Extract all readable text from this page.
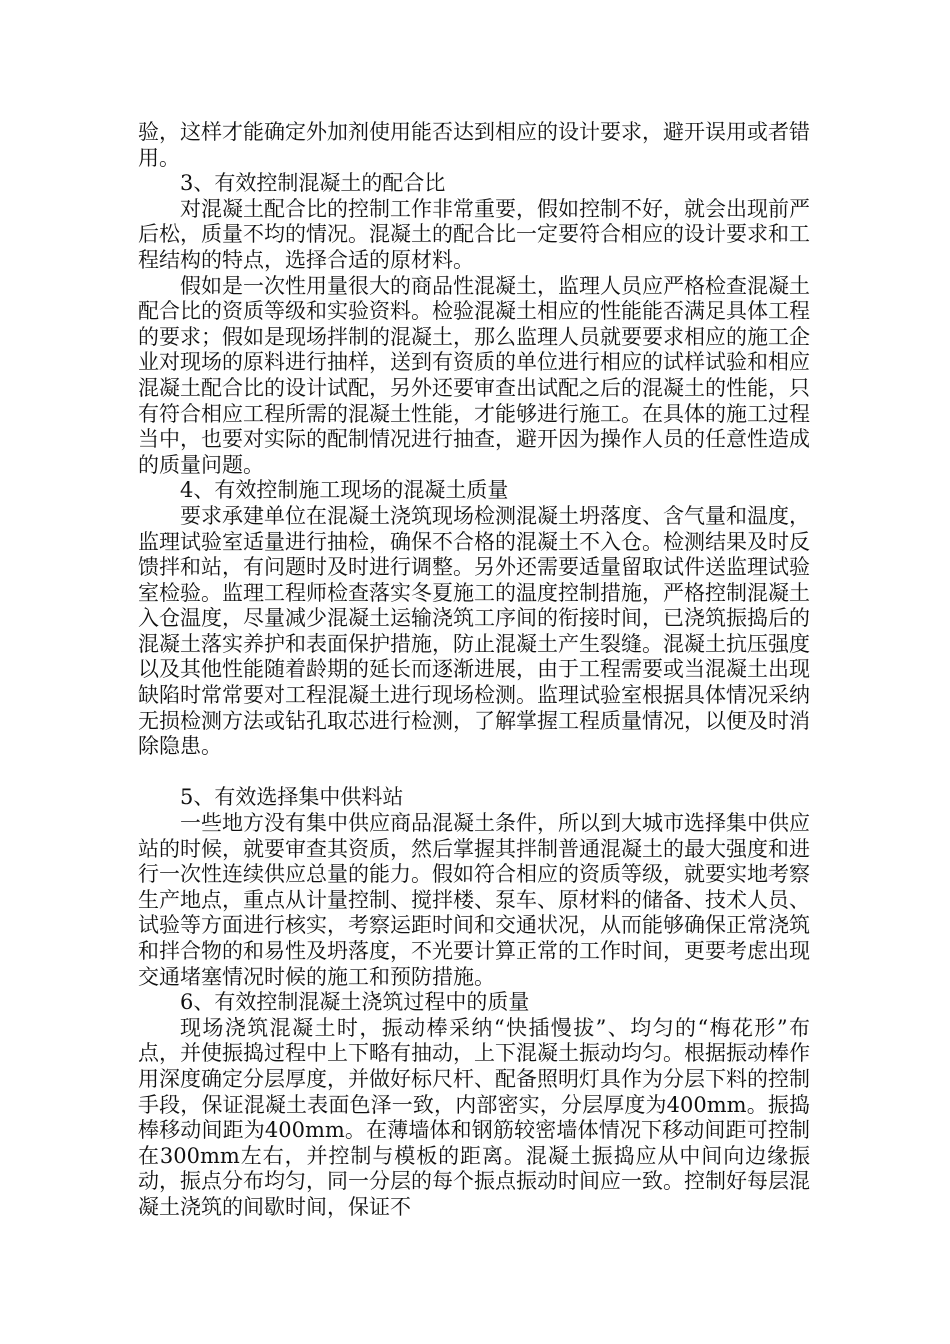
验，这样才能确定外加剂使用能否达到相应的设计要求，避开误用或者错用。

3、有效控制混凝土的配合比

对混凝土配合比的控制工作非常重要，假如控制不好，就会出现前严后松，质量不均的情况。混凝土的配合比一定要符合相应的设计要求和工程结构的特点，选择合适的原材料。

假如是一次性用量很大的商品性混凝土，监理人员应严格检查混凝土配合比的资质等级和实验资料。检验混凝土相应的性能能否满足具体工程的要求；假如是现场拌制的混凝土，那么监理人员就要要求相应的施工企业对现场的原料进行抽样，送到有资质的单位进行相应的试样试验和相应混凝土配合比的设计试配，另外还要审查出试配之后的混凝土的性能，只有符合相应工程所需的混凝土性能，才能够进行施工。在具体的施工过程当中，也要对实际的配制情况进行抽查，避开因为操作人员的任意性造成的质量问题。

4、有效控制施工现场的混凝土质量

要求承建单位在混凝土浇筑现场检测混凝土坍落度、含气量和温度，监理试验室适量进行抽检，确保不合格的混凝土不入仓。检测结果及时反馈拌和站，有问题时及时进行调整。另外还需要适量留取试件送监理试验室检验。监理工程师检查落实冬夏施工的温度控制措施，严格控制混凝土入仓温度，尽量减少混凝土运输浇筑工序间的衔接时间，已浇筑振捣后的混凝土落实养护和表面保护措施，防止混凝土产生裂缝。混凝土抗压强度以及其他性能随着龄期的延长而逐渐进展，由于工程需要或当混凝土出现缺陷时常常要对工程混凝土进行现场检测。监理试验室根据具体情况采纳无损检测方法或钻孔取芯进行检测，了解掌握工程质量情况，以便及时消除隐患。

5、有效选择集中供料站

一些地方没有集中供应商品混凝土条件，所以到大城市选择集中供应站的时候，就要审查其资质，然后掌握其拌制普通混凝土的最大强度和进行一次性连续供应总量的能力。假如符合相应的资质等级，就要实地考察生产地点，重点从计量控制、搅拌楼、泵车、原材料的储备、技术人员、试验等方面进行核实，考察运距时间和交通状况，从而能够确保正常浇筑和拌合物的和易性及坍落度，不光要计算正常的工作时间，更要考虑出现交通堵塞情况时候的施工和预防措施。

6、有效控制混凝土浇筑过程中的质量

现场浇筑混凝土时，振动棒采纳“快插慢拔”、均匀的“梅花形”布点，并使振捣过程中上下略有抽动，上下混凝土振动均匀。根据振动棒作用深度确定分层厚度，并做好标尺杆、配备照明灯具作为分层下料的控制手段，保证混凝土表面色泽一致，内部密实，分层厚度为400mm。振捣棒移动间距为400mm。在薄墙体和钢筋较密墙体情况下移动间距可控制在300mm左右，并控制与模板的距离。混凝土振捣应从中间向边缘振动，振点分布均匀，同一分层的每个振点振动时间应一致。控制好每层混凝土浇筑的间歇时间，保证不
